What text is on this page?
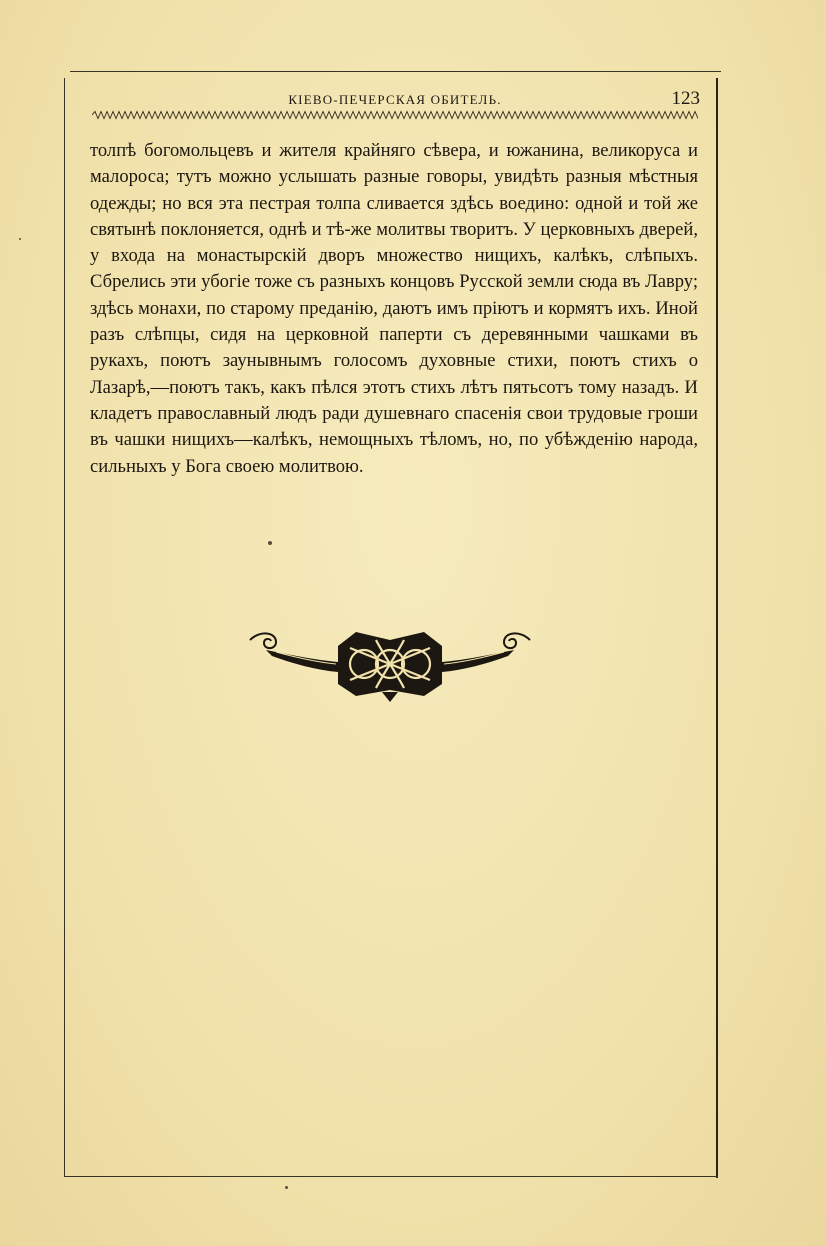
КІЕВО-ПЕЧЕРСКАЯ ОБИТЕЛЬ.	123

толпѣ богомольцевъ и жителя крайняго сѣвера, и южанина, великоруса и малороса; тутъ можно услышать разные говоры, увидѣть разныя мѣстныя одежды; но вся эта пестрая толпа сливается здѣсь воедино: одной и той же святынѣ поклоняется, однѣ и тѣ-же молитвы творитъ. У церковныхъ дверей, у входа на монастырскій дворъ множество нищихъ, калѣкъ, слѣпыхъ. Сбрелись эти убогіе тоже съ разныхъ концовъ Русской земли сюда въ Лавру; здѣсь монахи, по старому преданію, даютъ имъ пріютъ и кормятъ ихъ. Иной разъ слѣпцы, сидя на церковной паперти съ деревянными чашками въ рукахъ, поютъ заунывнымъ голосомъ духовные стихи, поютъ стихъ о Лазарѣ,—поютъ такъ, какъ пѣлся этотъ стихъ лѣтъ пятьсотъ тому назадъ. И кладетъ православный людъ ради душевнаго спасенія свои трудовые гроши въ чашки нищихъ—калѣкъ, немощныхъ тѣломъ, но, по убѣжденію народа, сильныхъ у Бога своею молитвою.
